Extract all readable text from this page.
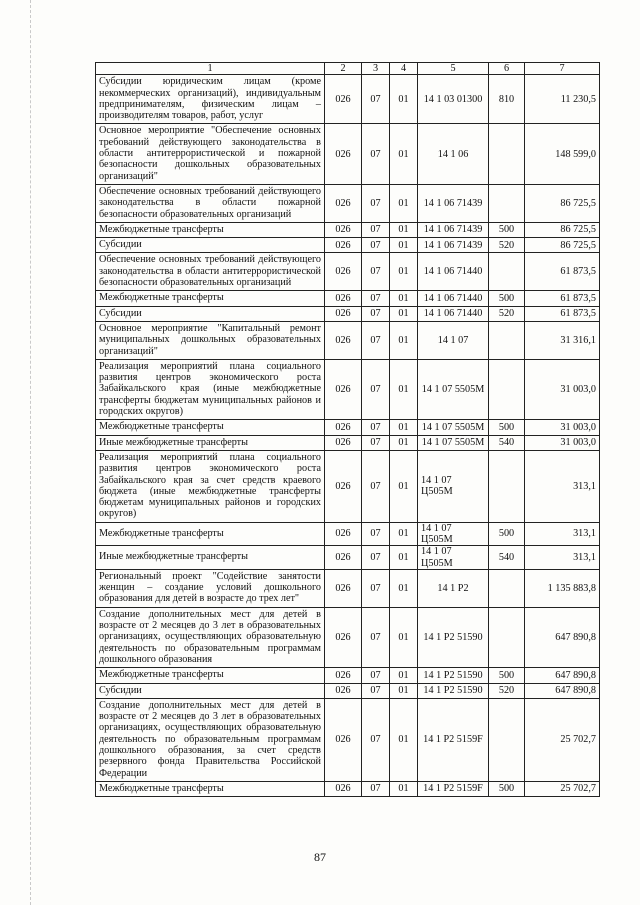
1	2	3	4	5	6	7
Субсидии юридическим лицам (кроме некоммерческих организаций), индивидуальным предпринимателям, физическим лицам – производителям товаров, работ, услуг	026	07	01	14 1 03 01300	810	11 230,5
Основное мероприятие "Обеспечение основных требований действующего законодательства в области антитеррористической и пожарной безопасности дошкольных образовательных организаций"	026	07	01	14 1 06		148 599,0
Обеспечение основных требований действующего законодательства в области пожарной безопасности образовательных организаций	026	07	01	14 1 06 71439		86 725,5
Межбюджетные трансферты	026	07	01	14 1 06 71439	500	86 725,5
Субсидии	026	07	01	14 1 06 71439	520	86 725,5
Обеспечение основных требований действующего законодательства в области антитеррористической безопасности образовательных организаций	026	07	01	14 1 06 71440		61 873,5
Межбюджетные трансферты	026	07	01	14 1 06 71440	500	61 873,5
Субсидии	026	07	01	14 1 06 71440	520	61 873,5
Основное мероприятие "Капитальный ремонт муниципальных дошкольных образовательных организаций"	026	07	01	14 1 07		31 316,1
Реализация мероприятий плана социального развития центров экономического роста Забайкальского края (иные межбюджетные трансферты бюджетам муниципальных районов и городских округов)	026	07	01	14 1 07 5505M		31 003,0
Межбюджетные трансферты	026	07	01	14 1 07 5505M	500	31 003,0
Иные межбюджетные трансферты	026	07	01	14 1 07 5505M	540	31 003,0
Реализация мероприятий плана социального развития центров экономического роста Забайкальского края за счет средств краевого бюджета (иные межбюджетные трансферты бюджетам муниципальных районов и городских округов)	026	07	01	14 1 07 Ц505M		313,1
Межбюджетные трансферты	026	07	01	14 1 07 Ц505M	500	313,1
Иные межбюджетные трансферты	026	07	01	14 1 07 Ц505M	540	313,1
Региональный проект "Содействие занятости женщин – создание условий дошкольного образования для детей в возрасте до трех лет"	026	07	01	14 1 P2		1 135 883,8
Создание дополнительных мест для детей в возрасте от 2 месяцев до 3 лет в образовательных организациях, осуществляющих образовательную деятельность по образовательным программам дошкольного образования	026	07	01	14 1 P2 51590		647 890,8
Межбюджетные трансферты	026	07	01	14 1 P2 51590	500	647 890,8
Субсидии	026	07	01	14 1 P2 51590	520	647 890,8
Создание дополнительных мест для детей в возрасте от 2 месяцев до 3 лет в образовательных организациях, осуществляющих образовательную деятельность по образовательным программам дошкольного образования, за счет средств резервного фонда Правительства Российской Федерации	026	07	01	14 1 P2 5159F		25 702,7
Межбюджетные трансферты	026	07	01	14 1 P2 5159F	500	25 702,7
87
